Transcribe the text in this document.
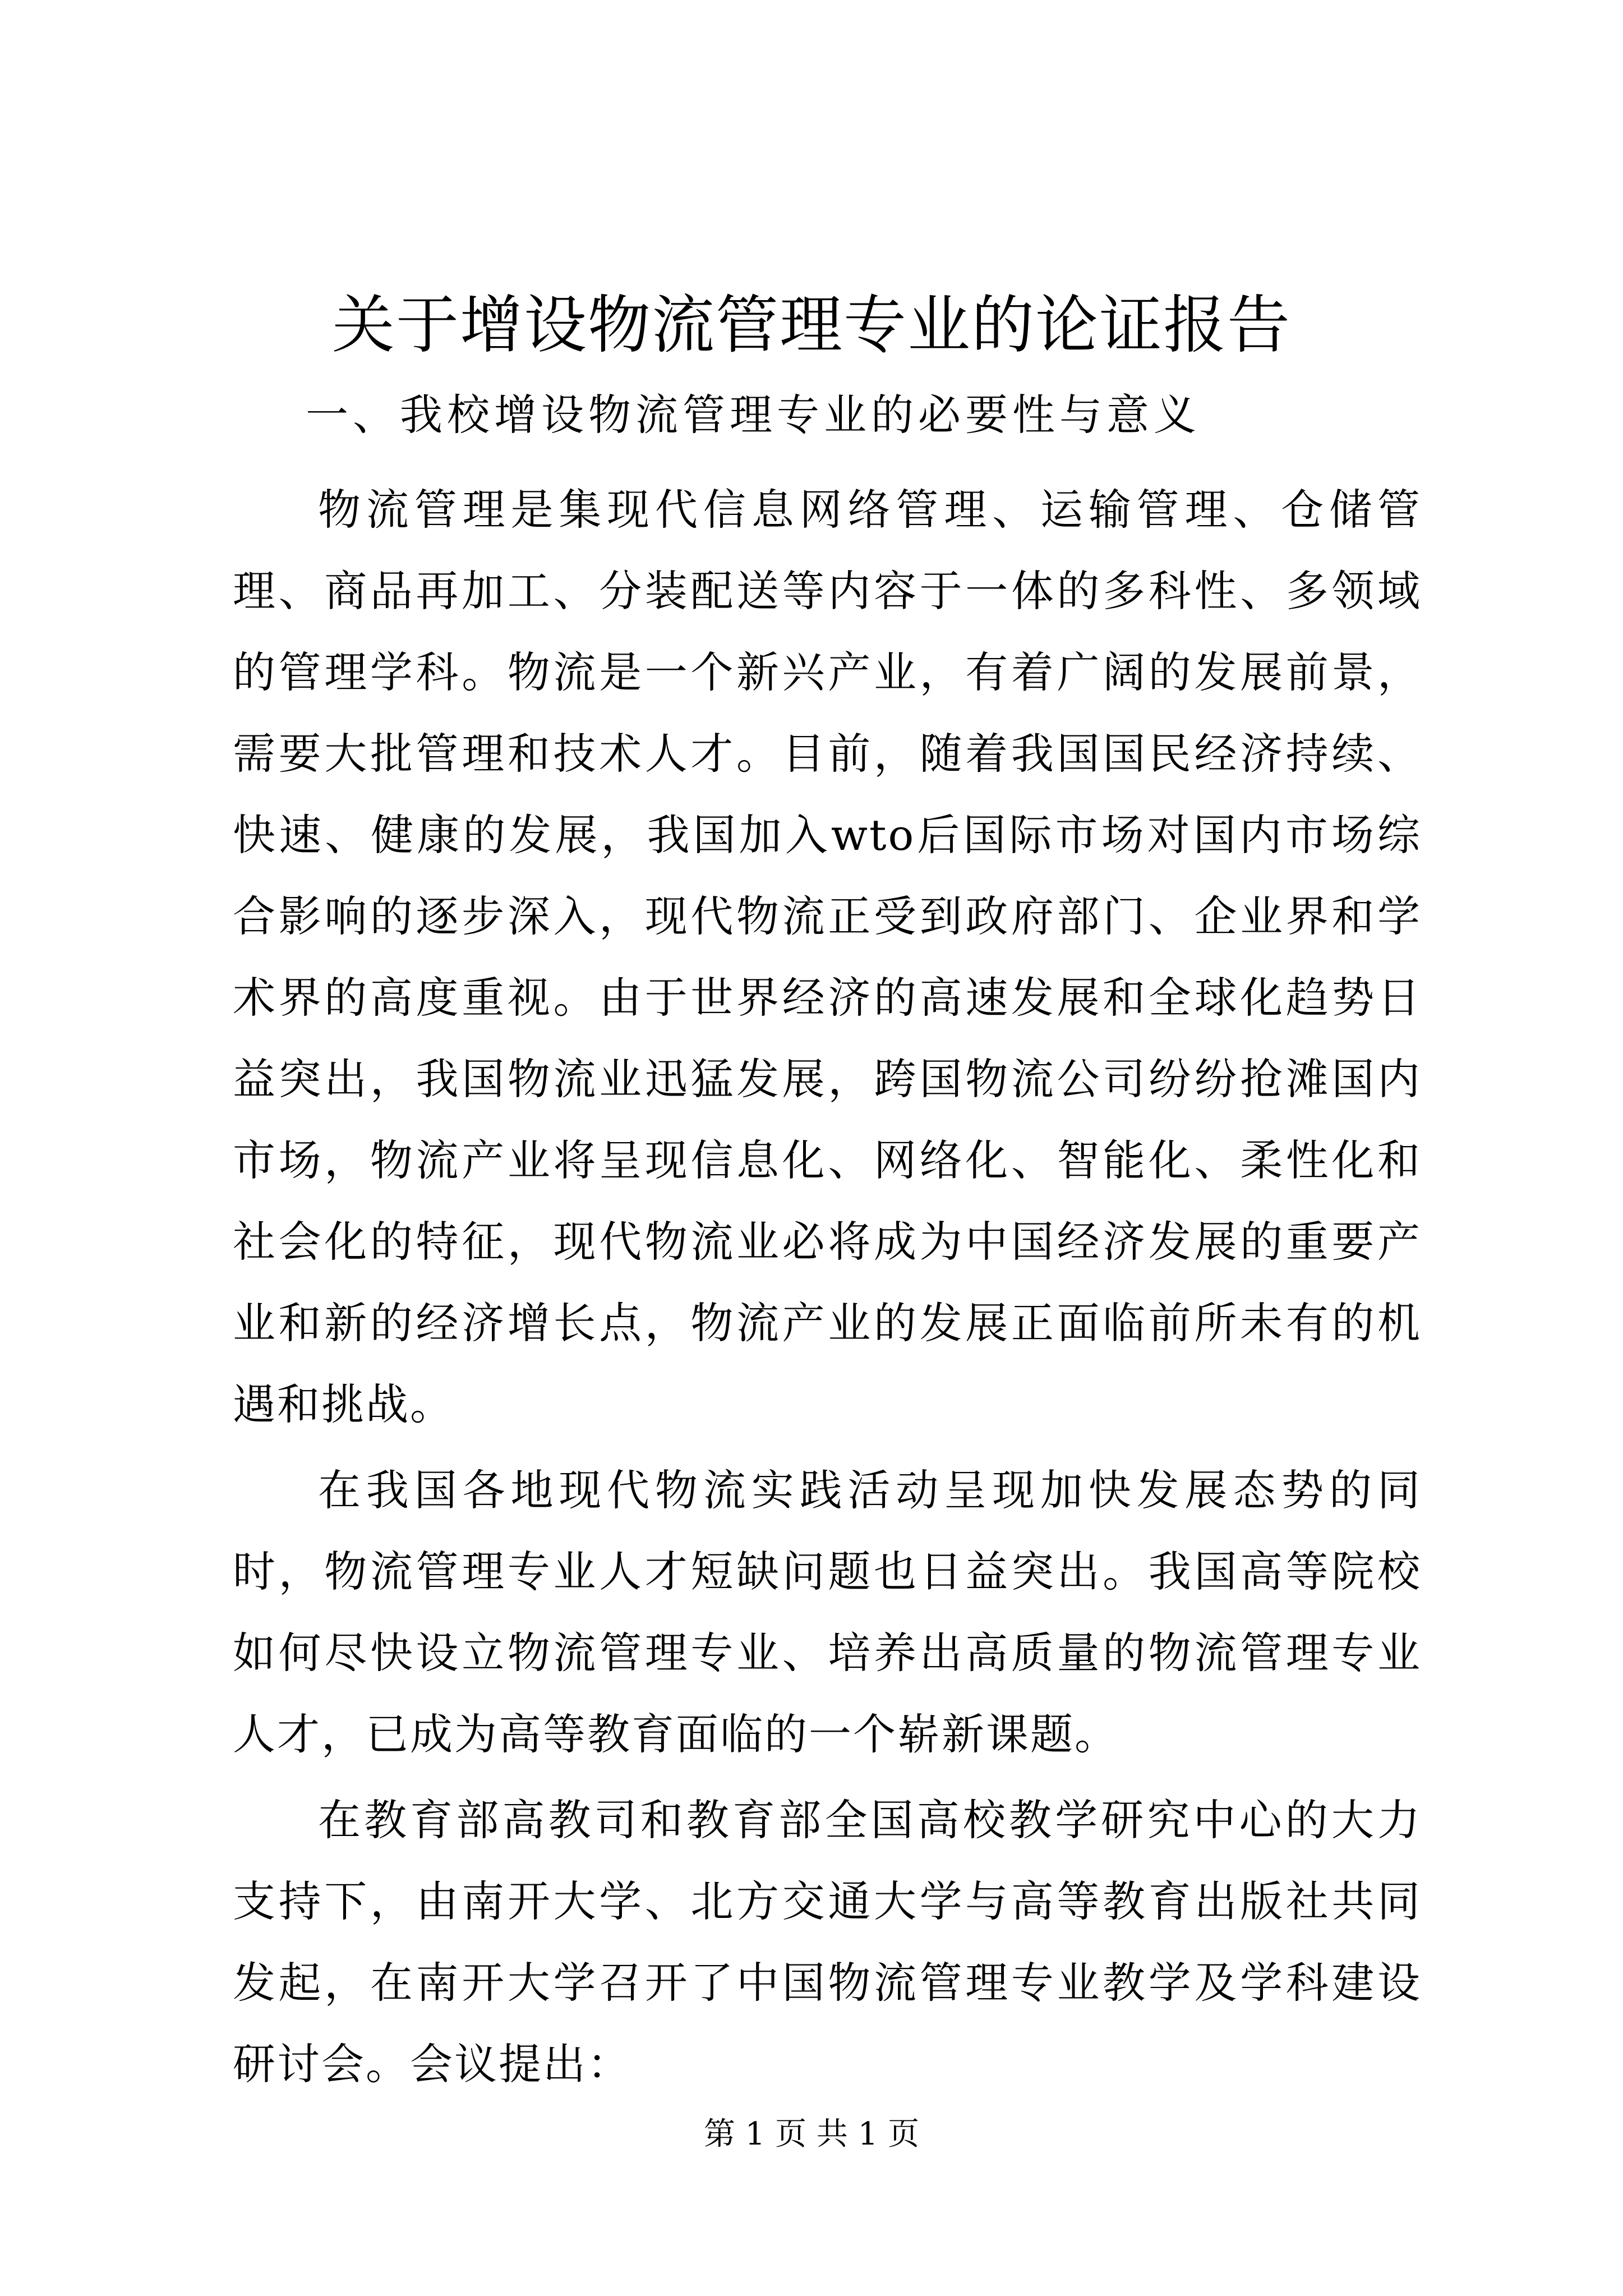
关于增设物流管理专业的论证报告

一、我校增设物流管理专业的必要性与意义

物流管理是集现代信息网络管理、运输管理、仓储管理、商品再加工、分装配送等内容于一体的多科性、多领域的管理学科。物流是一个新兴产业，有着广阔的发展前景，需要大批管理和技术人才。目前，随着我国国民经济持续、快速、健康的发展，我国加入wto后国际市场对国内市场综合影响的逐步深入，现代物流正受到政府部门、企业界和学术界的高度重视。由于世界经济的高速发展和全球化趋势日益突出，我国物流业迅猛发展，跨国物流公司纷纷抢滩国内市场，物流产业将呈现信息化、网络化、智能化、柔性化和社会化的特征，现代物流业必将成为中国经济发展的重要产业和新的经济增长点，物流产业的发展正面临前所未有的机遇和挑战。

在我国各地现代物流实践活动呈现加快发展态势的同时，物流管理专业人才短缺问题也日益突出。我国高等院校如何尽快设立物流管理专业、培养出高质量的物流管理专业人才，已成为高等教育面临的一个崭新课题。

在教育部高教司和教育部全国高校教学研究中心的大力支持下，由南开大学、北方交通大学与高等教育出版社共同发起，在南开大学召开了中国物流管理专业教学及学科建设研讨会。会议提出：

第 1 页 共 1 页
